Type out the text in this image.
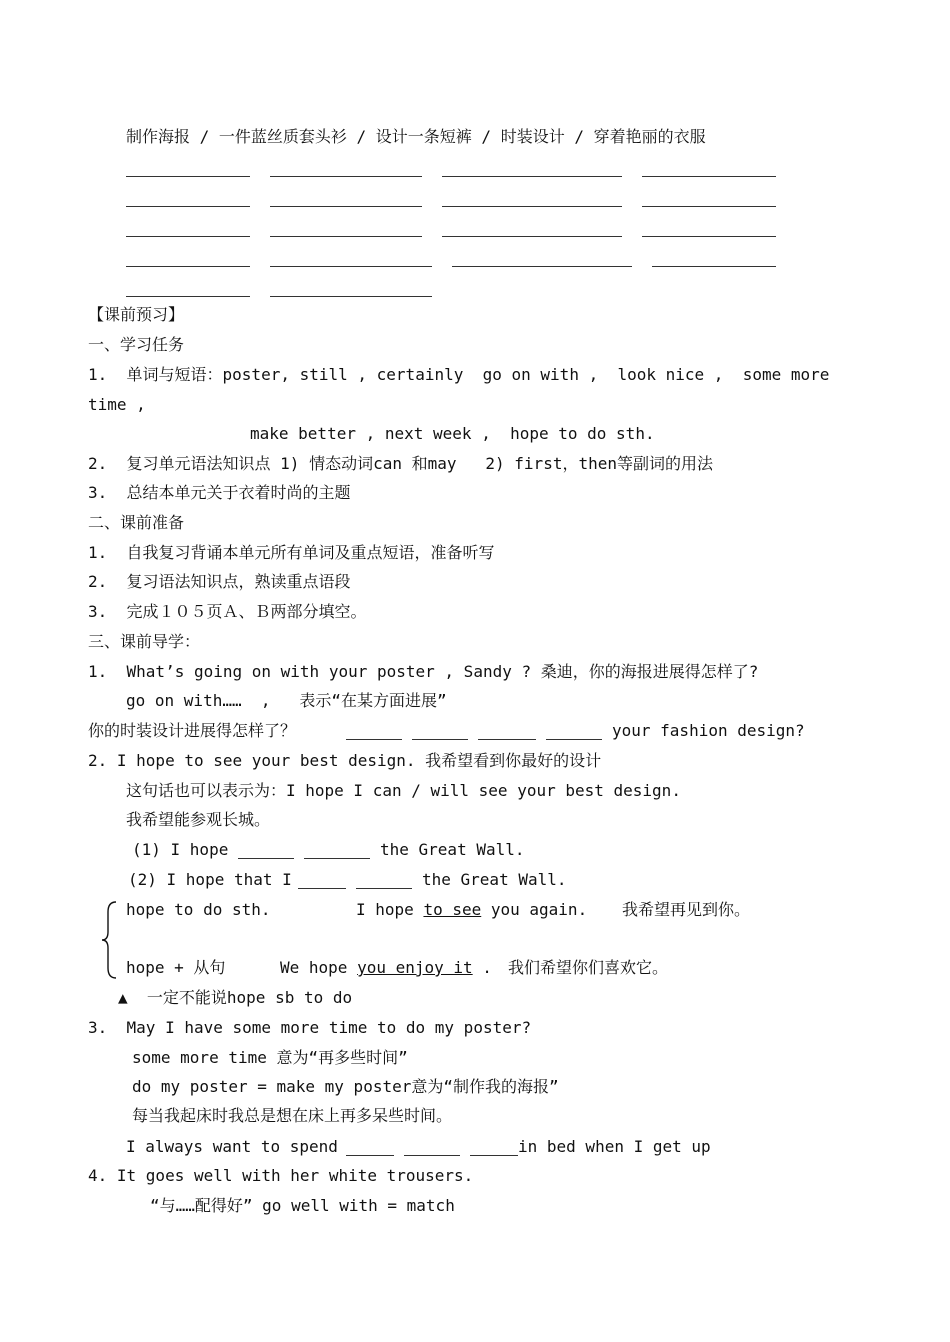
制作海报 / 一件蓝丝质套头衫 / 设计一条短裤 / 时装设计 / 穿着艳丽的衣服
【课前预习】
一、学习任务
1.  单词与短语：poster, still , certainly  go on with ,  look nice ,  some more
time ,
make better , next week ,  hope to do sth.
2.  复习单元语法知识点 1) 情态动词can 和may   2) first，then等副词的用法
3.  总结本单元关于衣着时尚的主题
二、课前准备
1.  自我复习背诵本单元所有单词及重点短语，准备听写
2.  复习语法知识点，熟读重点语段
3.  完成１０５页Ａ、Ｂ两部分填空。
三、课前导学：
1.  What’s going on with your poster , Sandy ? 桑迪，你的海报进展得怎样了?
go on with……  ,   表示“在某方面进展”
你的时装设计进展得怎样了？	your fashion design?
2. I hope to see your best design. 我希望看到你最好的设计
这句话也可以表示为：I hope I can / will see your best design.
我希望能参观长城。
(1) I hope	the Great Wall.
(2) I hope that I	the Great Wall.
hope to do sth.	I hope to see you again. 我希望再见到你。
hope + 从句	We hope you enjoy it . 我们希望你们喜欢它。
▲  一定不能说hope sb to do
3.  May I have some more time to do my poster?
some more time 意为“再多些时间”
do my poster = make my poster意为“制作我的海报”
每当我起床时我总是想在床上再多呆些时间。
I always want to spend	in bed when I get up
4. It goes well with her white trousers.
“与……配得好” go well with = match
